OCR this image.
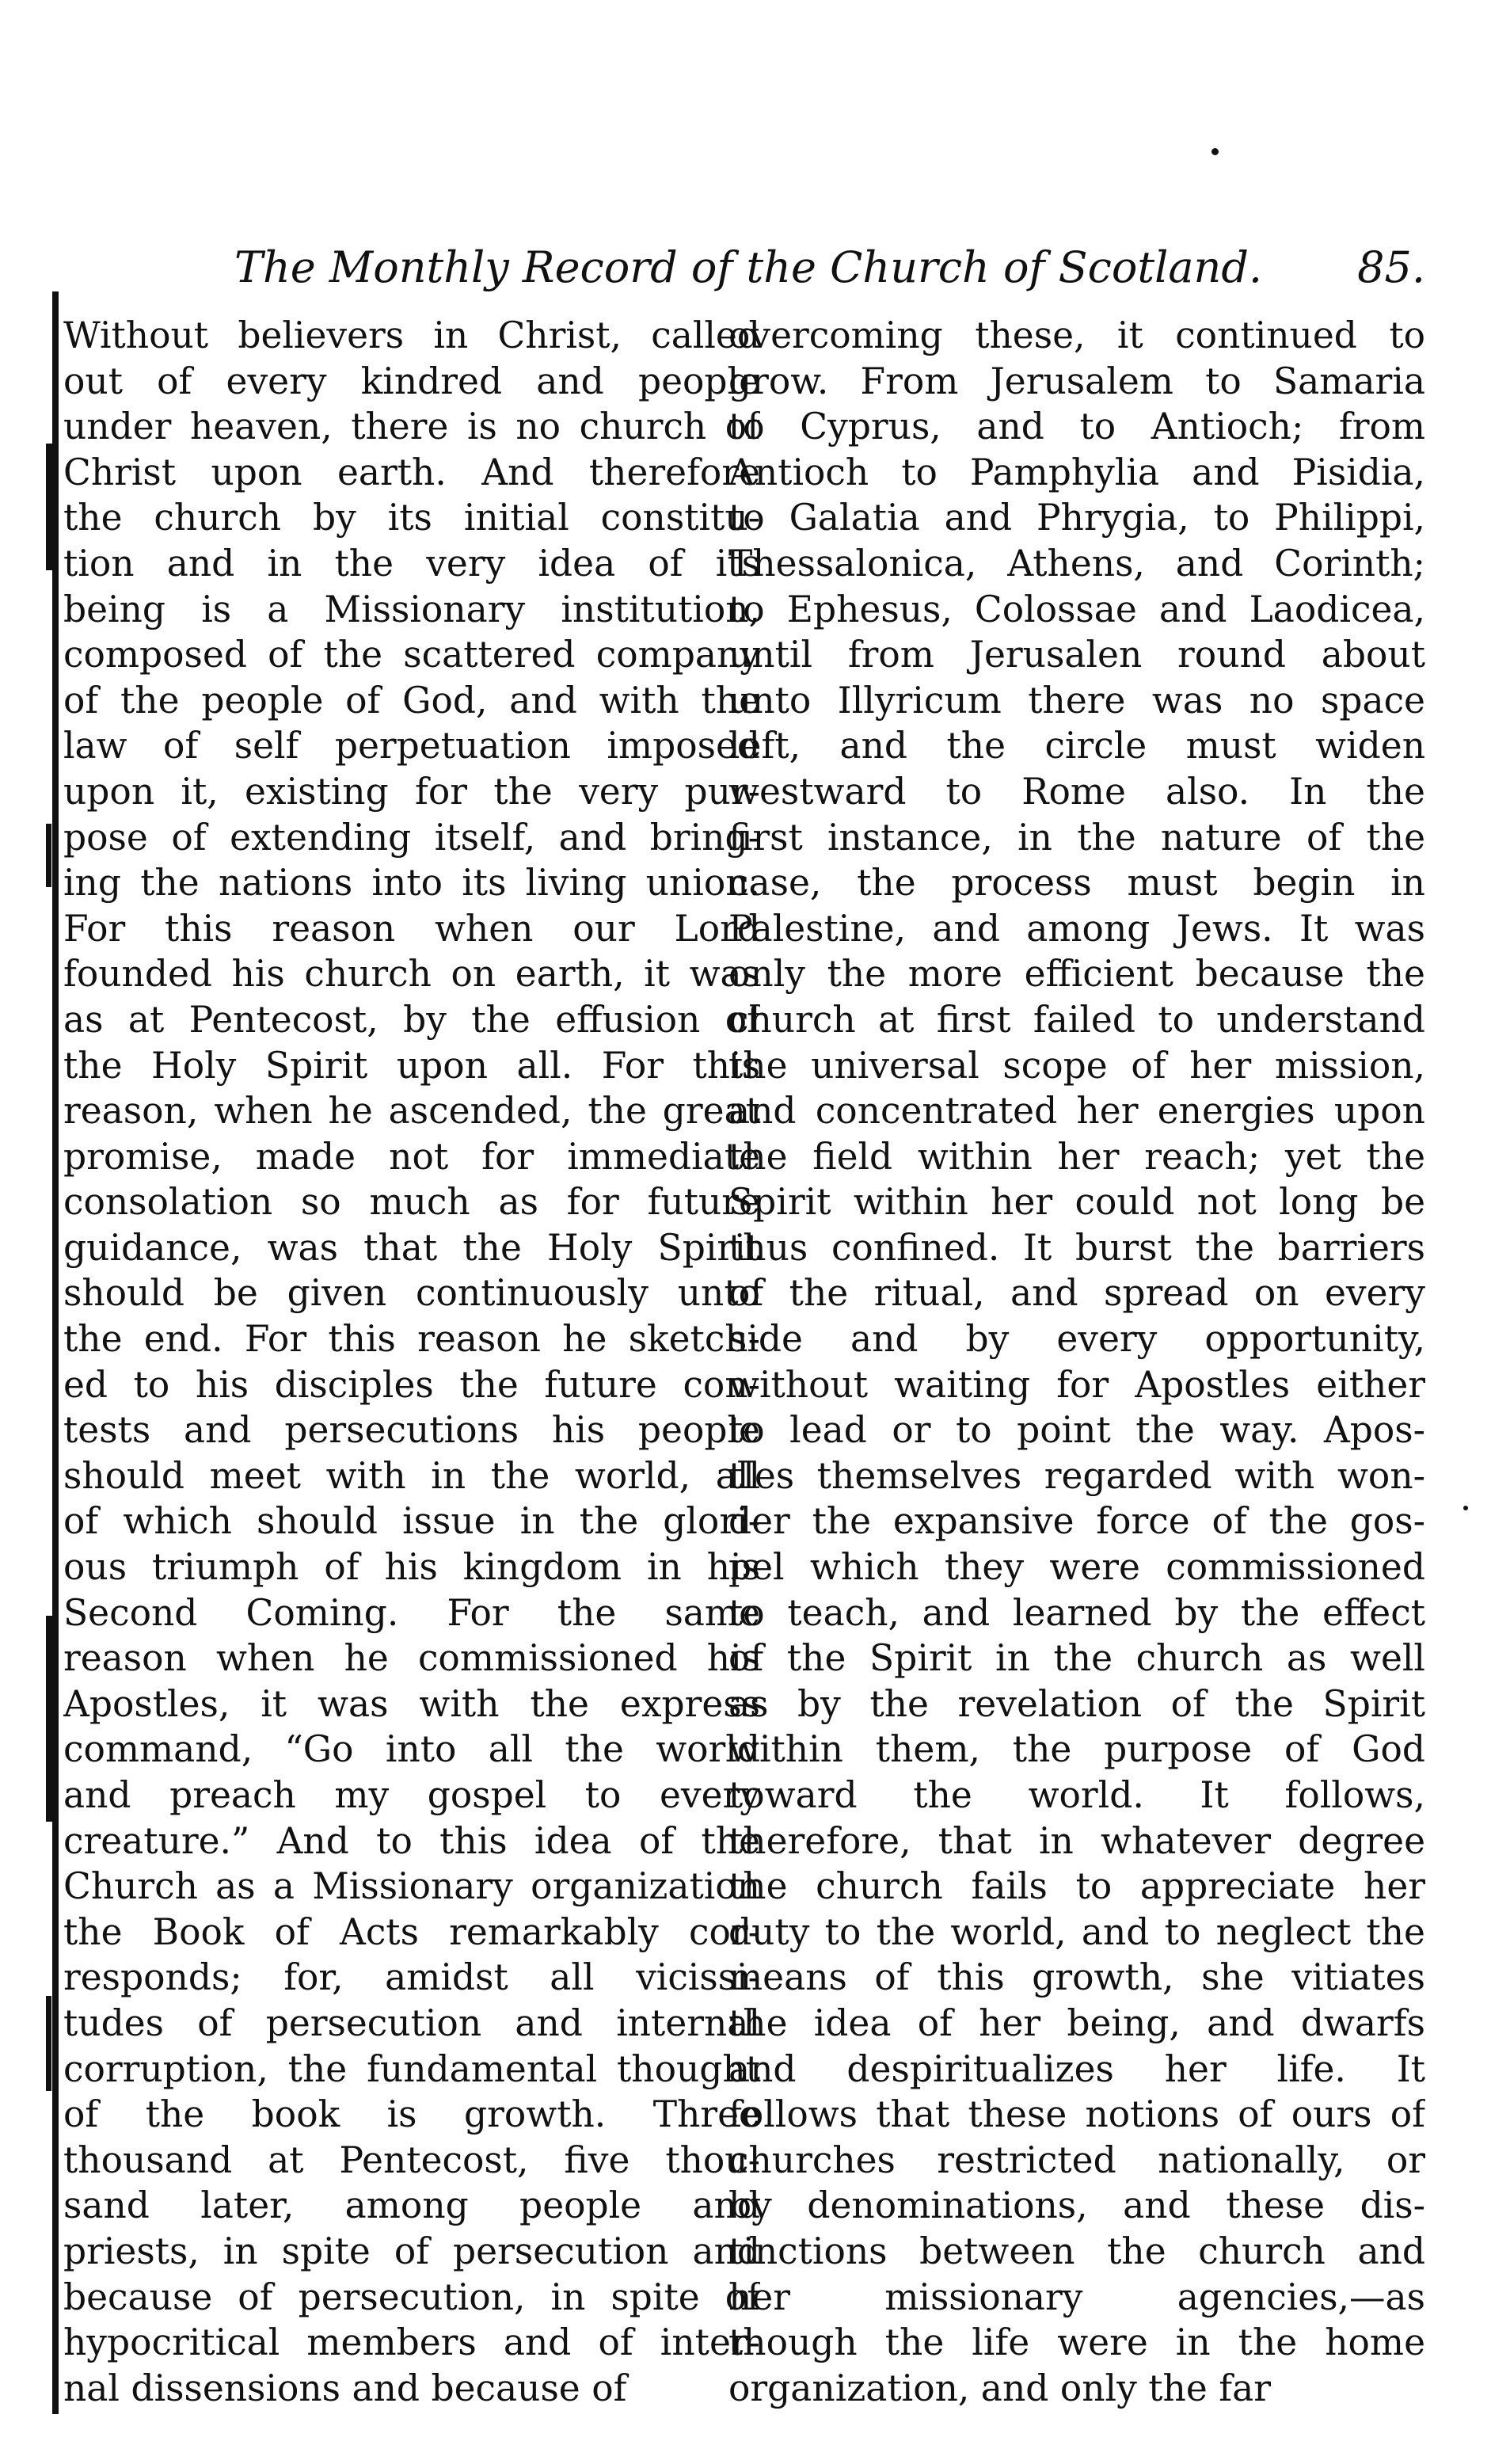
The Monthly Record of the Church of Scotland. 85.
Without believers in Christ, called
out of every kindred and people
under heaven, there is no church of
Christ upon earth. And therefore
the church by its initial constitu-
tion and in the very idea of its
being is a Missionary institution,
composed of the scattered company
of the people of God, and with the
law of self perpetuation imposed
upon it, existing for the very pur-
pose of extending itself, and bring-
ing the nations into its living union.
For this reason when our Lord
founded his church on earth, it was
as at Pentecost, by the effusion of
the Holy Spirit upon all. For this
reason, when he ascended, the great
promise, made not for immediate
consolation so much as for future
guidance, was that the Holy Spirit
should be given continuously unto
the end. For this reason he sketch-
ed to his disciples the future con-
tests and persecutions his people
should meet with in the world, all
of which should issue in the glori-
ous triumph of his kingdom in his
Second Coming. For the same
reason when he commissioned his
Apostles, it was with the express
command, “Go into all the world
and preach my gospel to every
creature.” And to this idea of the
Church as a Missionary organization
the Book of Acts remarkably cor-
responds; for, amidst all vicissi-
tudes of persecution and internal
corruption, the fundamental thought
of the book is growth. Three
thousand at Pentecost, five thou-
sand later, among people and
priests, in spite of persecution and
because of persecution, in spite of
hypocritical members and of inter-
nal dissensions and because of
overcoming these, it continued to
grow. From Jerusalem to Samaria
to Cyprus, and to Antioch; from
Antioch to Pamphylia and Pisidia,
to Galatia and Phrygia, to Philippi,
Thessalonica, Athens, and Corinth;
to Ephesus, Colossae and Laodicea,
until from Jerusalen round about
unto Illyricum there was no space
left, and the circle must widen
westward to Rome also. In the
first instance, in the nature of the
case, the process must begin in
Palestine, and among Jews. It was
only the more efficient because the
church at first failed to understand
the universal scope of her mission,
and concentrated her energies upon
the field within her reach; yet the
Spirit within her could not long be
thus confined. It burst the barriers
of the ritual, and spread on every
side and by every opportunity,
without waiting for Apostles either
to lead or to point the way. Apos-
tles themselves regarded with won-
der the expansive force of the gos-
pel which they were commissioned
to teach, and learned by the effect
of the Spirit in the church as well
as by the revelation of the Spirit
within them, the purpose of God
toward the world. It follows,
therefore, that in whatever degree
the church fails to appreciate her
duty to the world, and to neglect the
means of this growth, she vitiates
the idea of her being, and dwarfs
and despiritualizes her life. It
follows that these notions of ours of
churches restricted nationally, or
by denominations, and these dis-
tinctions between the church and
her missionary agencies,—as
though the life were in the home
organization, and only the far
